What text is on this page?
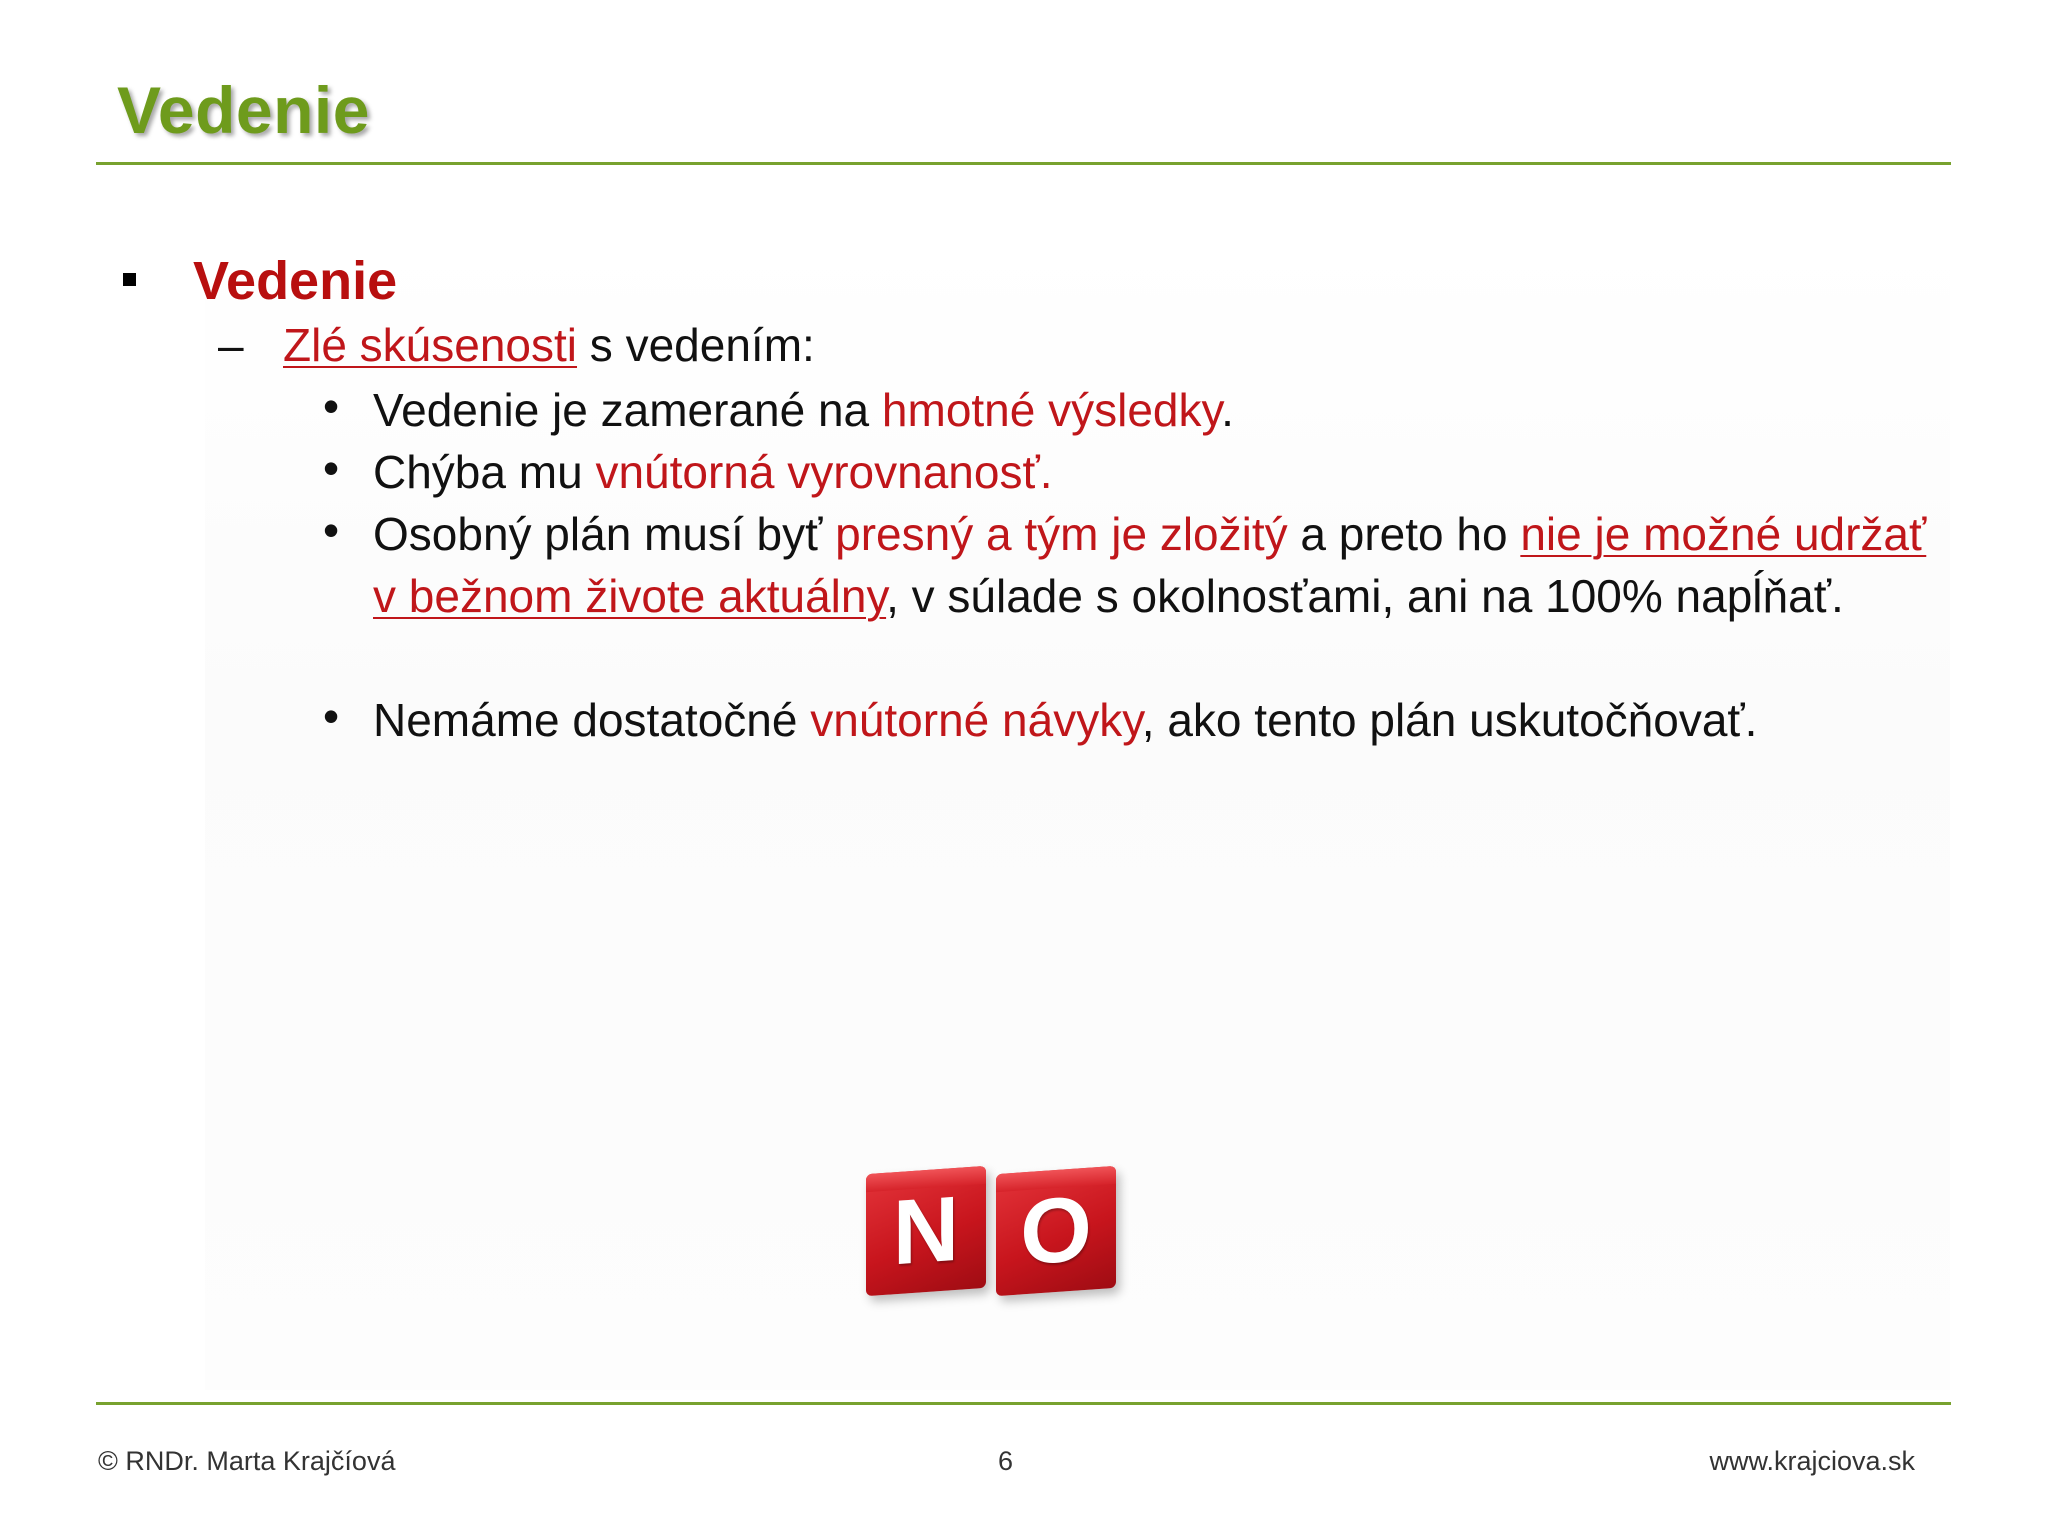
Vedenie
Vedenie
– Zlé skúsenosti s vedením:
• Vedenie je zamerané na hmotné výsledky.
• Chýba mu vnútorná vyrovnanosť.
• Osobný plán musí byť presný a tým je zložitý a preto ho nie je možné udržať v bežnom živote aktuálny, v súlade s okolnosťami, ani na 100% napĺňať.
• Nemáme dostatočné vnútorné návyky, ako tento plán uskutočňovať.
N O
© RNDr. Marta Krajčíová	6	www.krajciova.sk
